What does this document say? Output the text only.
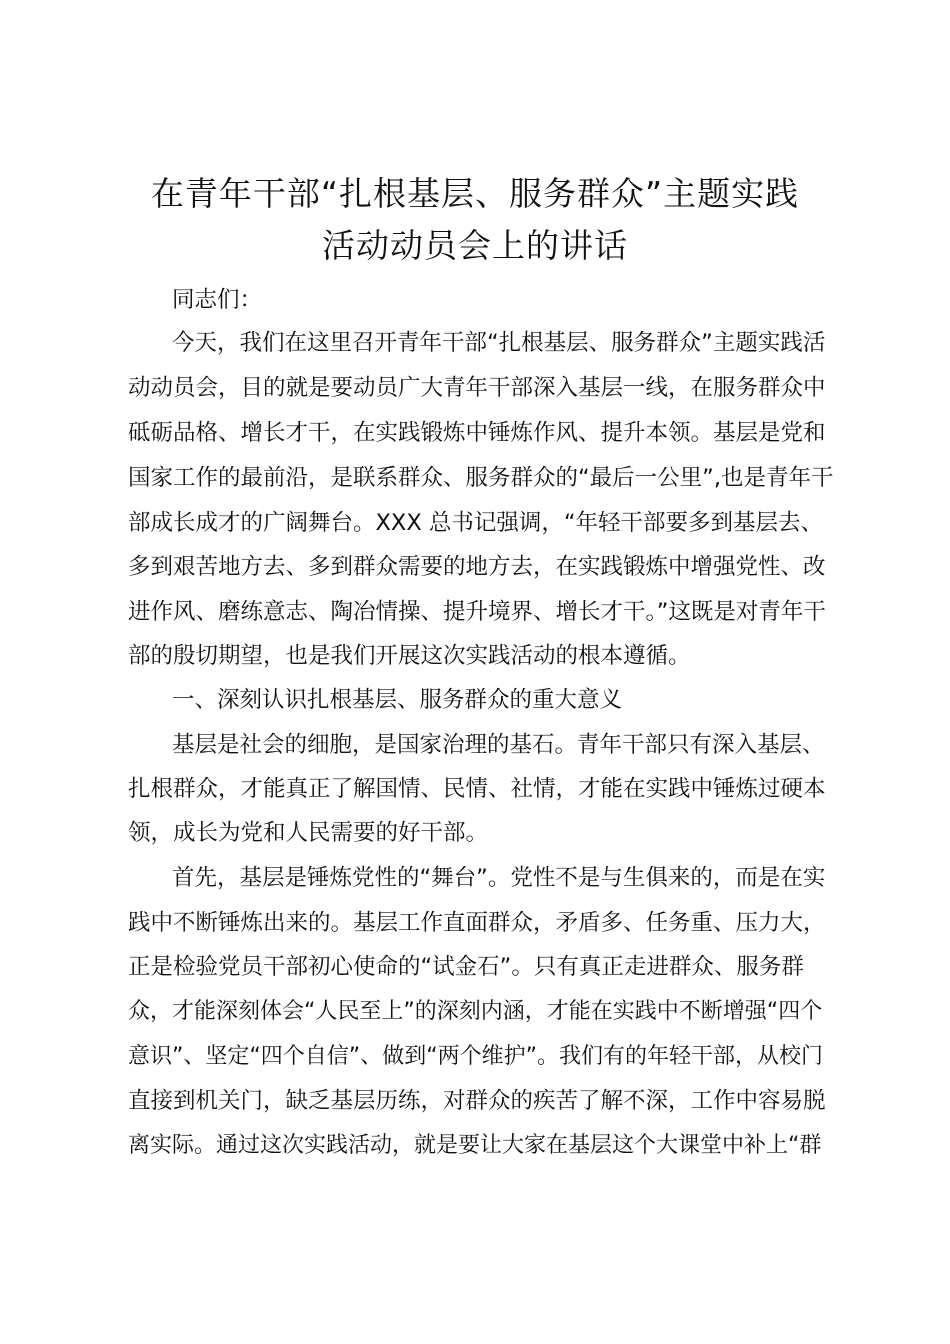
在青年干部“扎根基层、服务群众”主题实践
活动动员会上的讲话
同志们：
今天，我们在这里召开青年干部“扎根基层、服务群众”主题实践活
动动员会，目的就是要动员广大青年干部深入基层一线，在服务群众中
砥砺品格、增长才干，在实践锻炼中锤炼作风、提升本领。基层是党和
国家工作的最前沿，是联系群众、服务群众的“最后一公里”,也是青年干
部成长成才的广阔舞台。XXX 总书记强调，“年轻干部要多到基层去、
多到艰苦地方去、多到群众需要的地方去，在实践锻炼中增强党性、改
进作风、磨练意志、陶冶情操、提升境界、增长才干。”这既是对青年干
部的殷切期望，也是我们开展这次实践活动的根本遵循。
一、深刻认识扎根基层、服务群众的重大意义
基层是社会的细胞，是国家治理的基石。青年干部只有深入基层、
扎根群众，才能真正了解国情、民情、社情，才能在实践中锤炼过硬本
领，成长为党和人民需要的好干部。
首先，基层是锤炼党性的“舞台”。党性不是与生俱来的，而是在实
践中不断锤炼出来的。基层工作直面群众，矛盾多、任务重、压力大，
正是检验党员干部初心使命的“试金石”。只有真正走进群众、服务群
众，才能深刻体会“人民至上”的深刻内涵，才能在实践中不断增强“四个
意识”、坚定“四个自信”、做到“两个维护”。我们有的年轻干部，从校门
直接到机关门，缺乏基层历练，对群众的疾苦了解不深，工作中容易脱
离实际。通过这次实践活动，就是要让大家在基层这个大课堂中补上“群
